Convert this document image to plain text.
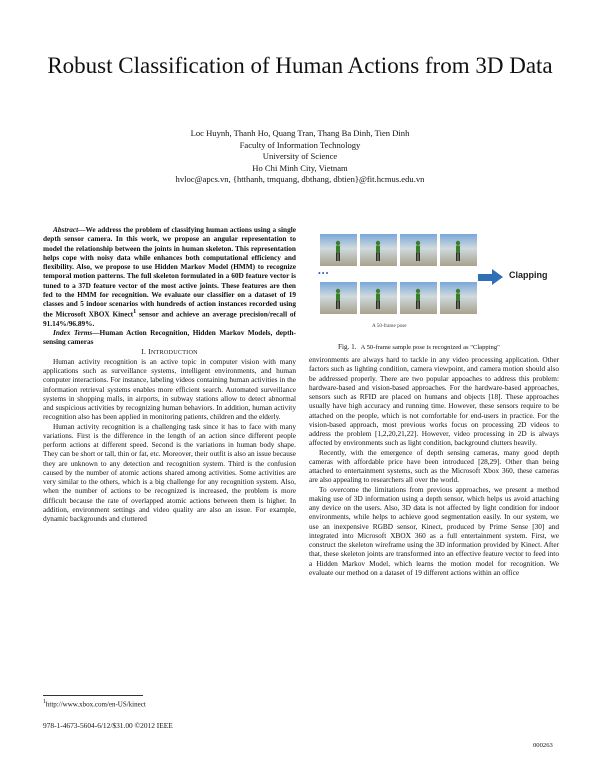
Robust Classification of Human Actions from 3D Data
Loc Huynh, Thanh Ho, Quang Tran, Thang Ba Dinh, Tien Dinh
Faculty of Information Technology
University of Science
Ho Chi Minh City, Vietnam
hvloc@apcs.vn, {htthanh, tmquang, dbthang, dbtien}@fit.hcmus.edu.vn

Abstract—We address the problem of classifying human actions using a single depth sensor camera. In this work, we propose an angular representation to model the relationship between the joints in human skeleton. This representation helps cope with noisy data while enhances both computational efficiency and flexibility. Also, we propose to use Hidden Markov Model (HMM) to recognize temporal motion patterns. The full skeleton formulated in a 60D feature vector is tuned to a 37D feature vector of the most active joints. These features are then fed to the HMM for recognition. We evaluate our classifier on a dataset of 19 classes and 5 indoor scenarios with hundreds of action instances recorded using the Microsoft XBOX Kinect$^1$ sensor and achieve an average precision/recall of 91.14%/96.89%.

Index Terms—Human Action Recognition, Hidden Markov Models, depth-sensing cameras

I. INTRODUCTION

Human activity recognition is an active topic in computer vision with many applications such as surveillance systems, intelligent environments, and human computer interactions. For instance, labeling videos containing human activities in the information retrieval systems enables more efficient search. Automated surveillance systems in shopping malls, in airports, in subway stations allow to detect abnormal and suspicious activities by recognizing human behaviors. In addition, human activity recognition also has been applied in monitoring patients, children and the elderly.

Human activity recognition is a challenging task since it has to face with many variations. First is the difference in the length of an action since different people perform actions at different speed. Second is the variations in human body shape. They can be short or tall, thin or fat, etc. Moreover, their outfit is also an issue because they are unknown to any detection and recognition system. Third is the confusion caused by the number of atomic actions shared among activities. Some activities are very similar to the others, which is a big challenge for any recognition system. Also, when the number of actions to be recognized is increased, the problem is more difficult because the rate of overlapped atomic actions between them is higher. In addition, environment settings and video quality are also an issue. For example, dynamic backgrounds and cluttered

•••	Clapping
A 50-frame pose
Fig. 1. A 50-frame sample pose is recognized as "Clapping"

environments are always hard to tackle in any video processing application. Other factors such as lighting condition, camera viewpoint, and camera motion should also be addressed properly. There are two popular appoaches to address this problem: hardware-based and vision-based approaches. For the hardware-based approaches, sensors such as RFID are placed on humans and objects [18]. These approaches usually have high accuracy and running time. However, these sensors require to be attached on the people, which is not comfortable for end-users in practice. For the vision-based approach, most previous works focus on processing 2D videos to address the problem [1,2,20,21,22]. However, video processing in 2D is always affected by environments such as light condition, background clutters heavily.

Recently, with the emergence of depth sensing cameras, many good depth cameras with affordable price have been introduced [28,29]. Other than being attached to entertainment systems, such as the Microsoft Xbox 360, these cameras are also appealing to researchers all over the world.

To overcome the limitations from previous approaches, we present a method making use of 3D information using a depth sensor, which helps us avoid attaching any device on the users. Also, 3D data is not affected by light condition for indoor environments, while helps to achieve good segmentation easily. In our system, we use an inexpensive RGBD sensor, Kinect, produced by Prime Sense [30] and integrated into Microsoft XBOX 360 as a full entertainment system. First, we construct the skeleton wireframe using the 3D information provided by Kinect. After that, these skeleton joints are transformed into an effective feature vector to feed into a Hidden Markov Model, which learns the motion model for recognition. We evaluate our method on a dataset of 19 different actions within an office

$^1$http://www.xbox.com/en-US/kinect
978-1-4673-5604-6/12/$31.00 ©2012 IEEE
000263
